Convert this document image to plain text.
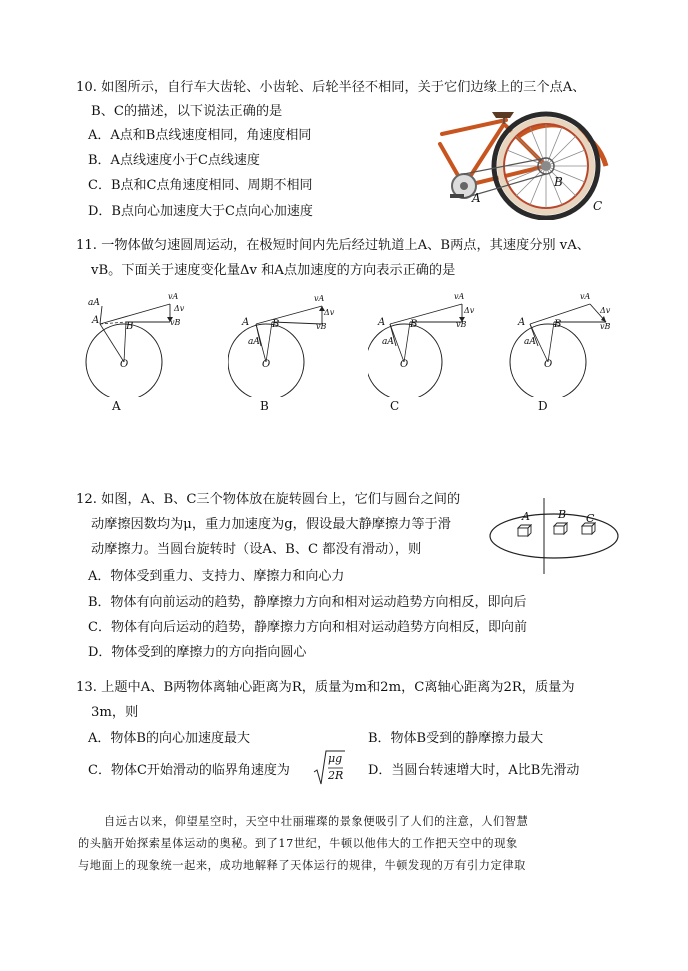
10. 如图所示，自行车大齿轮、小齿轮、后轮半径不相同，关于它们边缘上的三个点A、
B、C的描述，以下说法正确的是
A．A点和B点线速度相同，角速度相同
B．A点线速度小于C点线速度
C．B点和C点角速度相同、周期不相同
D．B点向心加速度大于C点向心加速度
A
B
C
11. 一物体做匀速圆周运动，在极短时间内先后经过轨道上A、B两点，其速度分别 vA、
vB。下面关于速度变化量Δv 和A点加速度的方向表示正确的是
aA
A
B
O
vA
vB
Δv
A
aA
A B
O
vA
vB
Δv
B
aA
A B
O
vA
vB
Δv
C
aA
A	B
O
vA
vB
Δv
D
12. 如图，A、B、C三个物体放在旋转圆台上，它们与圆台之间的
动摩擦因数均为μ，重力加速度为g，假设最大静摩擦力等于滑
动摩擦力。当圆台旋转时（设A、B、C 都没有滑动），则
A	B C
A．物体受到重力、支持力、摩擦力和向心力
B．物体有向前运动的趋势，静摩擦力方向和相对运动趋势方向相反，即向后
C．物体有向后运动的趋势，静摩擦力方向和相对运动趋势方向相反，即向前
D．物体受到的摩擦力的方向指向圆心
13. 上题中A、B两物体离轴心距离为R，质量为m和2m，C离轴心距离为2R，质量为
3m，则
A．物体B的向心加速度最大	B．物体B受到的静摩擦力最大
C．物体C开始滑动的临界角速度为
μg
2R D．当圆台转速增大时，A比B先滑动
自远古以来，仰望星空时，天空中壮丽璀璨的景象便吸引了人们的注意，人们智慧
的头脑开始探索星体运动的奥秘。到了17世纪，牛顿以他伟大的工作把天空中的现象
与地面上的现象统一起来，成功地解释了天体运行的规律，牛顿发现的万有引力定律取
